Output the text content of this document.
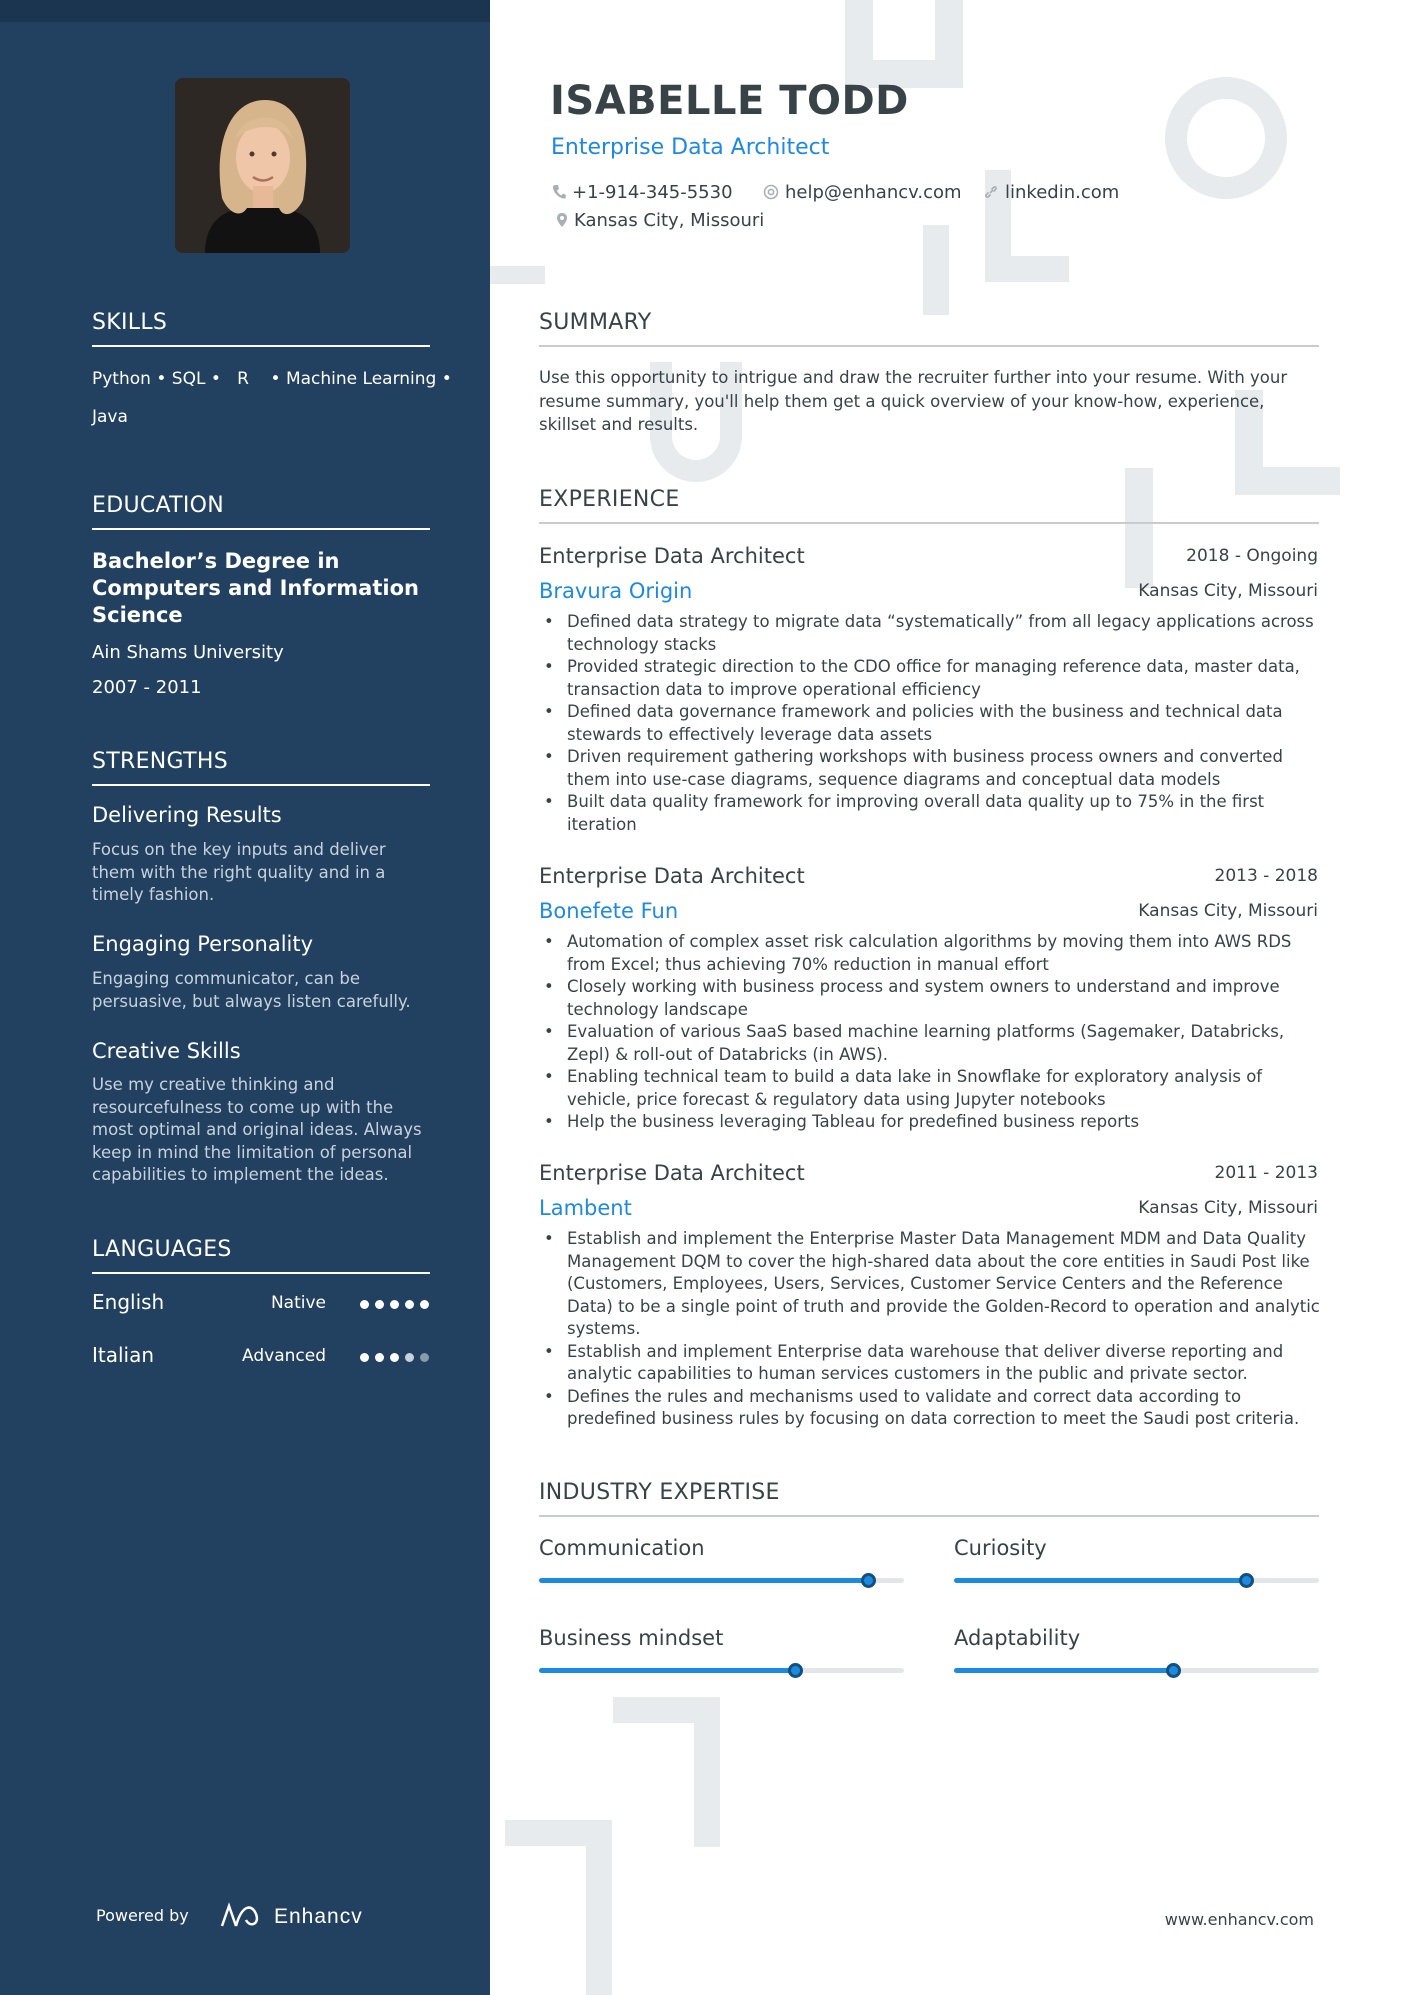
SKILLS
Python • SQL •   R    • Machine Learning •
Java
EDUCATION
Bachelor’s Degree in Computers and Information Science
Ain Shams University
2007 - 2011
STRENGTHS
Delivering Results
Focus on the key inputs and deliver them with the right quality and in a timely fashion.
Engaging Personality
Engaging communicator, can be persuasive, but always listen carefully.
Creative Skills
Use my creative thinking and resourcefulness to come up with the most optimal and original ideas. Always keep in mind the limitation of personal capabilities to implement the ideas.
LANGUAGES
English	Native
Italian	Advanced
Powered by	Enhancv
ISABELLE TODD
Enterprise Data Architect
+1-914-345-5530	help@enhancv.com	linkedin.com
Kansas City, Missouri
SUMMARY
Use this opportunity to intrigue and draw the recruiter further into your resume. With your resume summary, you'll help them get a quick overview of your know-how, experience, skillset and results.
EXPERIENCE
Enterprise Data Architect	2018 - Ongoing
Bravura Origin	Kansas City, Missouri
• Defined data strategy to migrate data “systematically” from all legacy applications across technology stacks
• Provided strategic direction to the CDO office for managing reference data, master data, transaction data to improve operational efficiency
• Defined data governance framework and policies with the business and technical data stewards to effectively leverage data assets
• Driven requirement gathering workshops with business process owners and converted them into use-case diagrams, sequence diagrams and conceptual data models
• Built data quality framework for improving overall data quality up to 75% in the first iteration
Enterprise Data Architect	2013 - 2018
Bonefete Fun	Kansas City, Missouri
• Automation of complex asset risk calculation algorithms by moving them into AWS RDS from Excel; thus achieving 70% reduction in manual effort
• Closely working with business process and system owners to understand and improve technology landscape
• Evaluation of various SaaS based machine learning platforms (Sagemaker, Databricks, Zepl) & roll-out of Databricks (in AWS).
• Enabling technical team to build a data lake in Snowflake for exploratory analysis of vehicle, price forecast & regulatory data using Jupyter notebooks
• Help the business leveraging Tableau for predefined business reports
Enterprise Data Architect	2011 - 2013
Lambent	Kansas City, Missouri
• Establish and implement the Enterprise Master Data Management MDM and Data Quality Management DQM to cover the high-shared data about the core entities in Saudi Post like (Customers, Employees, Users, Services, Customer Service Centers and the Reference Data) to be a single point of truth and provide the Golden-Record to operation and analytic systems.
• Establish and implement Enterprise data warehouse that deliver diverse reporting and analytic capabilities to human services customers in the public and private sector.
• Defines the rules and mechanisms used to validate and correct data according to predefined business rules by focusing on data correction to meet the Saudi post criteria.
INDUSTRY EXPERTISE
Communication	Curiosity
Business mindset	Adaptability
www.enhancv.com
